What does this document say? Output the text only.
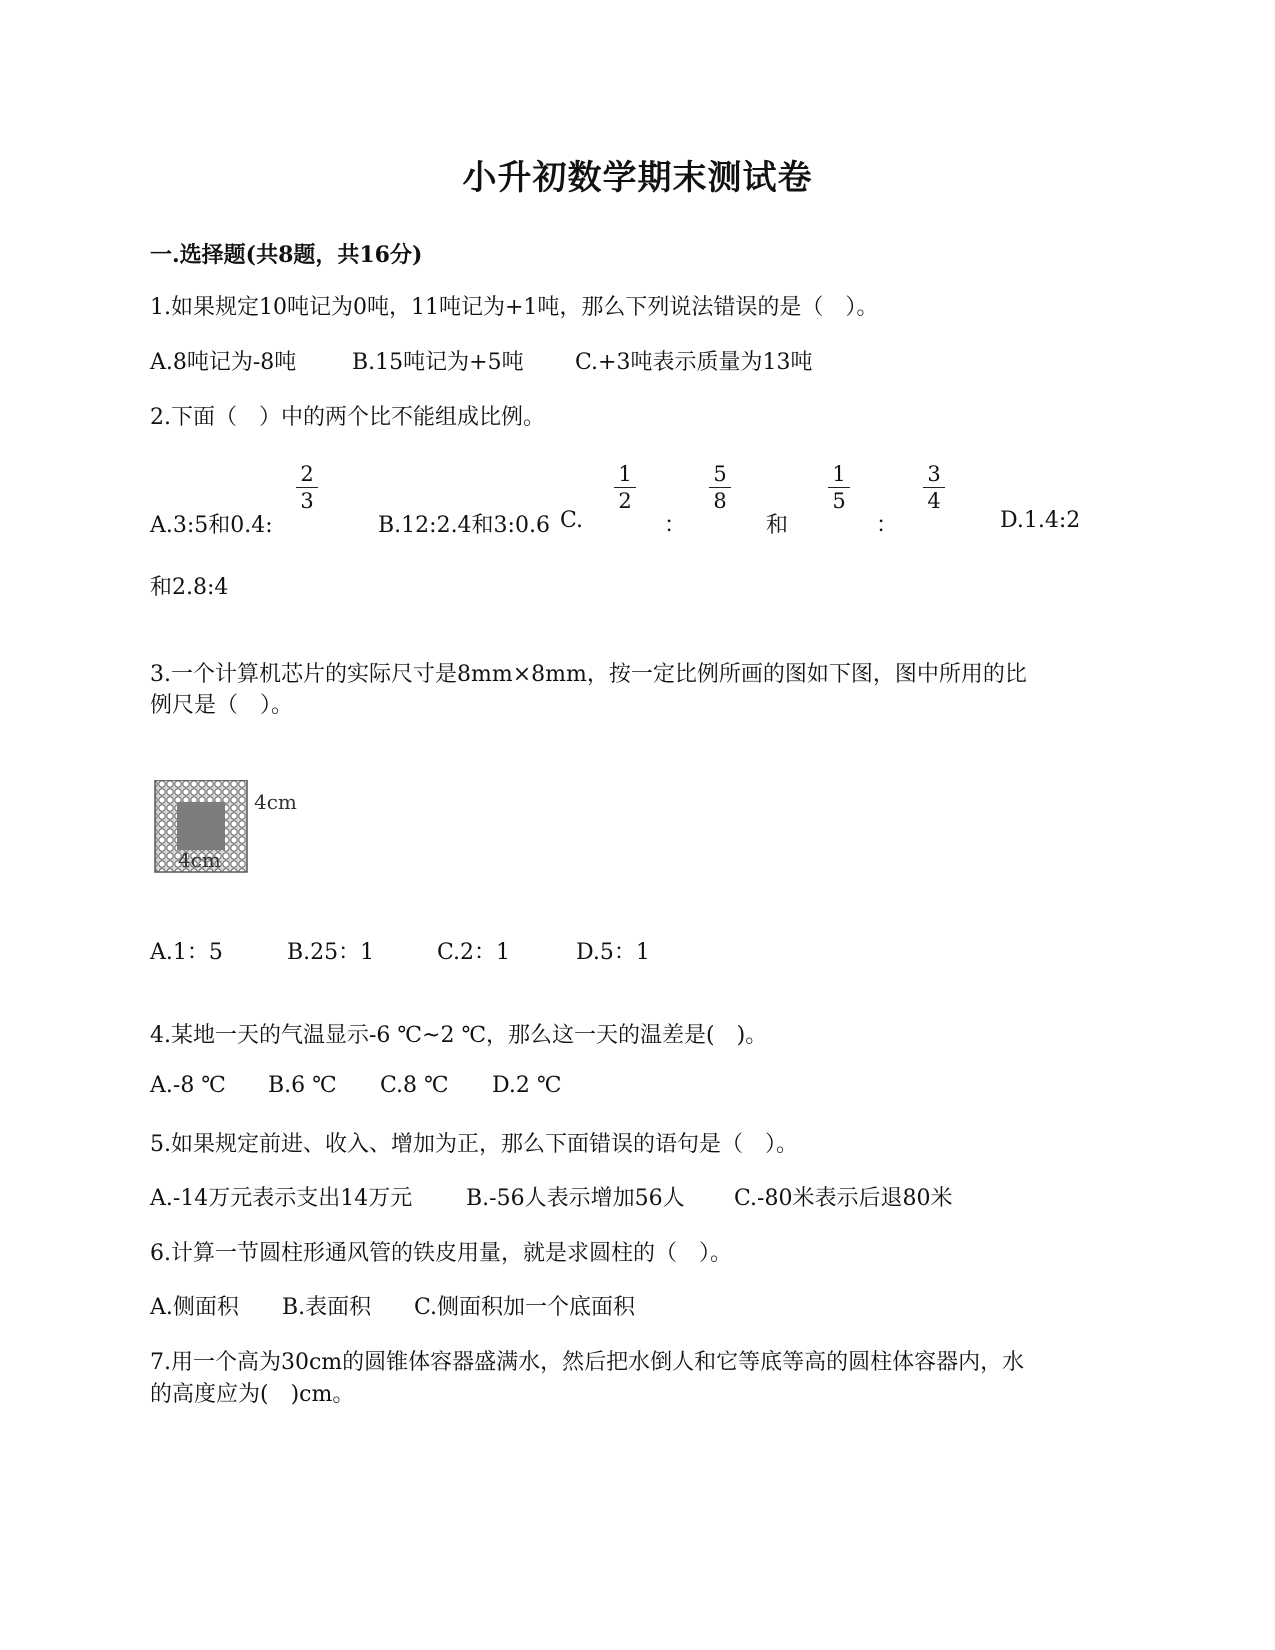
小升初数学期末测试卷
一.选择题(共8题，共16分)
1.如果规定10吨记为0吨，11吨记为+1吨，那么下列说法错误的是（　）。
A.8吨记为-8吨	B.15吨记为+5吨 C.+3吨表示质量为13吨
2.下面（　）中的两个比不能组成比例。
A.3:5和0.4:
2
3
B.12:2.4和3:0.6 C.
1
2
：
5
8
和
1
5
：
3
4
D.1.4:2
和2.8:4
3.一个计算机芯片的实际尺寸是8mm×8mm，按一定比例所画的图如下图，图中所用的比
例尺是（　）。
4cm
4cm
A.1：5	B.25：1	C.2：1	D.5：1
4.某地一天的气温显示-6 ℃~2 ℃，那么这一天的温差是(　)。
A.-8 ℃ B.6 ℃ C.8 ℃ D.2 ℃
5.如果规定前进、收入、增加为正，那么下面错误的语句是（　）。
A.-14万元表示支出14万元 B.-56人表示增加56人 C.-80米表示后退80米
6.计算一节圆柱形通风管的铁皮用量，就是求圆柱的（　）。
A.侧面积 B.表面积 C.侧面积加一个底面积
7.用一个高为30cm的圆锥体容器盛满水，然后把水倒人和它等底等高的圆柱体容器内，水
的高度应为(　)cm。
